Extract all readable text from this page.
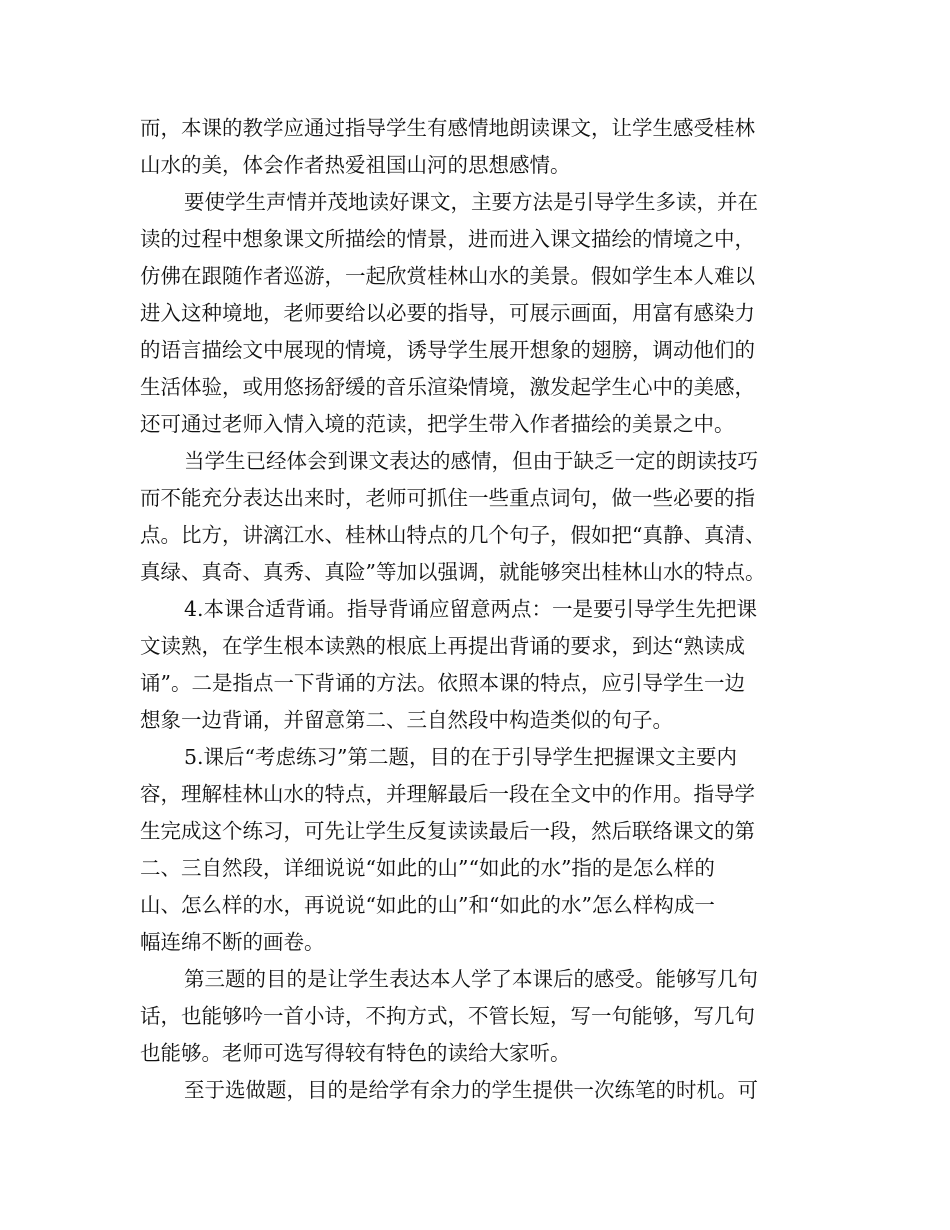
而，本课的教学应通过指导学生有感情地朗读课文，让学生感受桂林
山水的美，体会作者热爱祖国山河的思想感情。
要使学生声情并茂地读好课文，主要方法是引导学生多读，并在
读的过程中想象课文所描绘的情景，进而进入课文描绘的情境之中，
仿佛在跟随作者巡游，一起欣赏桂林山水的美景。假如学生本人难以
进入这种境地，老师要给以必要的指导，可展示画面，用富有感染力
的语言描绘文中展现的情境，诱导学生展开想象的翅膀，调动他们的
生活体验，或用悠扬舒缓的音乐渲染情境，激发起学生心中的美感，
还可通过老师入情入境的范读，把学生带入作者描绘的美景之中。
当学生已经体会到课文表达的感情，但由于缺乏一定的朗读技巧
而不能充分表达出来时，老师可抓住一些重点词句，做一些必要的指
点。比方，讲漓江水、桂林山特点的几个句子，假如把“真静、真清、
真绿、真奇、真秀、真险”等加以强调，就能够突出桂林山水的特点。
4.本课合适背诵。指导背诵应留意两点：一是要引导学生先把课
文读熟，在学生根本读熟的根底上再提出背诵的要求，到达“熟读成
诵”。二是指点一下背诵的方法。依照本课的特点，应引导学生一边
想象一边背诵，并留意第二、三自然段中构造类似的句子。
5.课后“考虑练习”第二题，目的在于引导学生把握课文主要内
容，理解桂林山水的特点，并理解最后一段在全文中的作用。指导学
生完成这个练习，可先让学生反复读读最后一段，然后联络课文的第
二、三自然段，详细说说“如此的山”“如此的水”指的是怎么样的
山、怎么样的水，再说说“如此的山”和“如此的水”怎么样构成一
幅连绵不断的画卷。
第三题的目的是让学生表达本人学了本课后的感受。能够写几句
话，也能够吟一首小诗，不拘方式，不管长短，写一句能够，写几句
也能够。老师可选写得较有特色的读给大家听。
至于选做题，目的是给学有余力的学生提供一次练笔的时机。可
